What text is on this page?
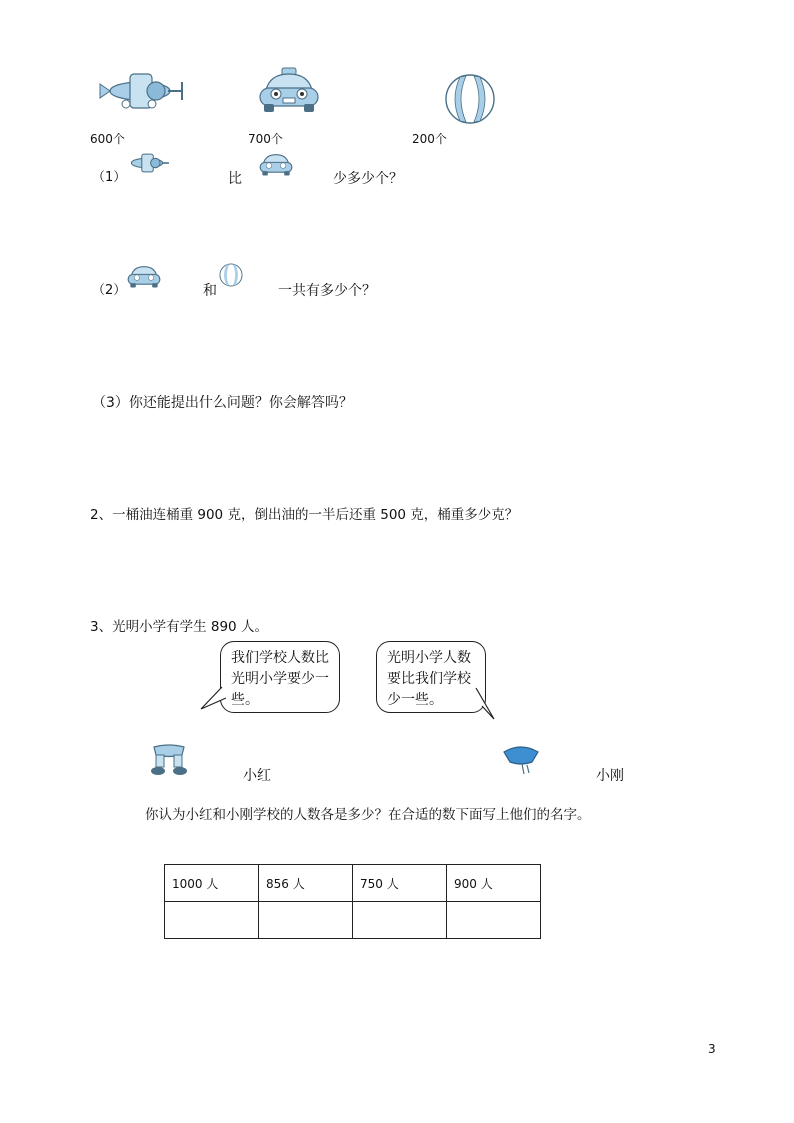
600个	700个	200个
（1）	比	少多少个？
（2）	和	一共有多少个？
（3）你还能提出什么问题？你会解答吗？
2、一桶油连桶重 900 克，倒出油的一半后还重 500 克，桶重多少克？
3、光明小学有学生 890 人。
我们学校人数比光明小学要少一些。
光明小学人数要比我们学校少一些。
小红	小刚
你认为小红和小刚学校的人数各是多少？在合适的数下面写上他们的名字。
1000 人	856 人	750 人	900 人

3
